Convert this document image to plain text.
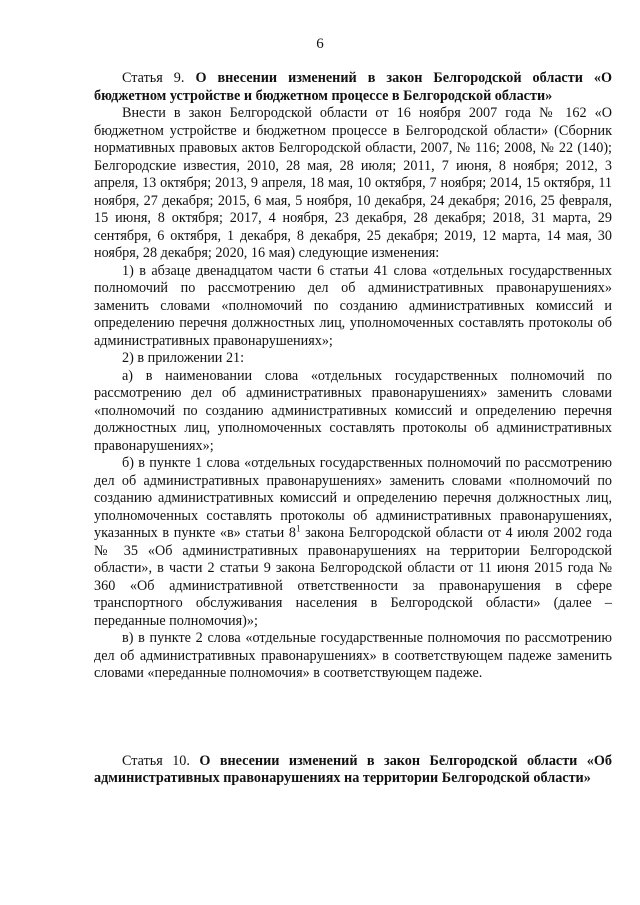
6

Статья 9. О внесении изменений в закон Белгородской области «О бюджетном устройстве и бюджетном процессе в Белгородской области»

Внести в закон Белгородской области от 16 ноября 2007 года № 162 «О бюджетном устройстве и бюджетном процессе в Белгородской области» (Сборник нормативных правовых актов Белгородской области, 2007, № 116; 2008, № 22 (140); Белгородские известия, 2010, 28 мая, 28 июля; 2011, 7 июня, 8 ноября; 2012, 3 апреля, 13 октября; 2013, 9 апреля, 18 мая, 10 октября, 7 ноября; 2014, 15 октября, 11 ноября, 27 декабря; 2015, 6 мая, 5 ноября, 10 декабря, 24 декабря; 2016, 25 февраля, 15 июня, 8 октября; 2017, 4 ноября, 23 декабря, 28 декабря; 2018, 31 марта, 29 сентября, 6 октября, 1 декабря, 8 декабря, 25 декабря; 2019, 12 марта, 14 мая, 30 ноября, 28 декабря; 2020, 16 мая) следующие изменения:

1) в абзаце двенадцатом части 6 статьи 41 слова «отдельных государственных полномочий по рассмотрению дел об административных правонарушениях» заменить словами «полномочий по созданию административных комиссий и определению перечня должностных лиц, уполномоченных составлять протоколы об административных правонарушениях»;

2) в приложении 21:

а) в наименовании слова «отдельных государственных полномочий по рассмотрению дел об административных правонарушениях» заменить словами «полномочий по созданию административных комиссий и определению перечня должностных лиц, уполномоченных составлять протоколы об административных правонарушениях»;

б) в пункте 1 слова «отдельных государственных полномочий по рассмотрению дел об административных правонарушениях» заменить словами «полномочий по созданию административных комиссий и определению перечня должностных лиц, уполномоченных составлять протоколы об административных правонарушениях, указанных в пункте «в» статьи $8^1$ закона Белгородской области от 4 июля 2002 года № 35 «Об административных правонарушениях на территории Белгородской области», в части 2 статьи 9 закона Белгородской области от 11 июня 2015 года № 360 «Об административной ответственности за правонарушения в сфере транспортного обслуживания населения в Белгородской области» (далее – переданные полномочия)»;

в) в пункте 2 слова «отдельные государственные полномочия по рассмотрению дел об административных правонарушениях» в соответствующем падеже заменить словами «переданные полномочия» в соответствующем падеже.

Статья 10. О внесении изменений в закон Белгородской области «Об административных правонарушениях на территории Белгородской области»
